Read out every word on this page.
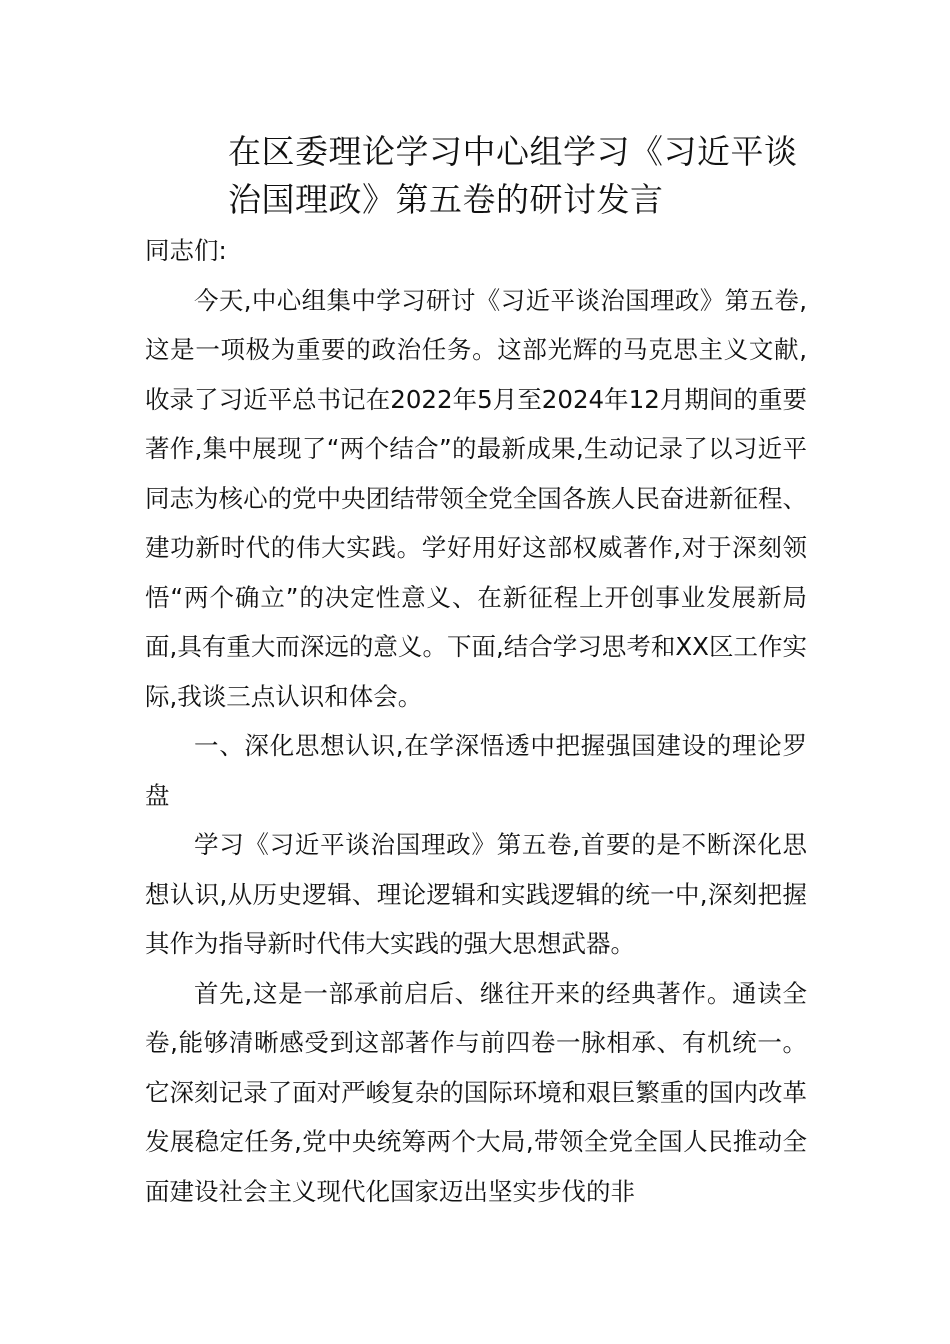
在区委理论学习中心组学习《习近平谈治国理政》第五卷的研讨发言

同志们:

今天,中心组集中学习研讨《习近平谈治国理政》第五卷,这是一项极为重要的政治任务。这部光辉的马克思主义文献,收录了习近平总书记在2022年5月至2024年12月期间的重要著作,集中展现了“两个结合”的最新成果,生动记录了以习近平同志为核心的党中央团结带领全党全国各族人民奋进新征程、建功新时代的伟大实践。学好用好这部权威著作,对于深刻领悟“两个确立”的决定性意义、在新征程上开创事业发展新局面,具有重大而深远的意义。下面,结合学习思考和XX区工作实际,我谈三点认识和体会。

一、深化思想认识,在学深悟透中把握强国建设的理论罗盘

学习《习近平谈治国理政》第五卷,首要的是不断深化思想认识,从历史逻辑、理论逻辑和实践逻辑的统一中,深刻把握其作为指导新时代伟大实践的强大思想武器。

首先,这是一部承前启后、继往开来的经典著作。通读全卷,能够清晰感受到这部著作与前四卷一脉相承、有机统一。它深刻记录了面对严峻复杂的国际环境和艰巨繁重的国内改革发展稳定任务,党中央统筹两个大局,带领全党全国人民推动全面建设社会主义现代化国家迈出坚实步伐的非
